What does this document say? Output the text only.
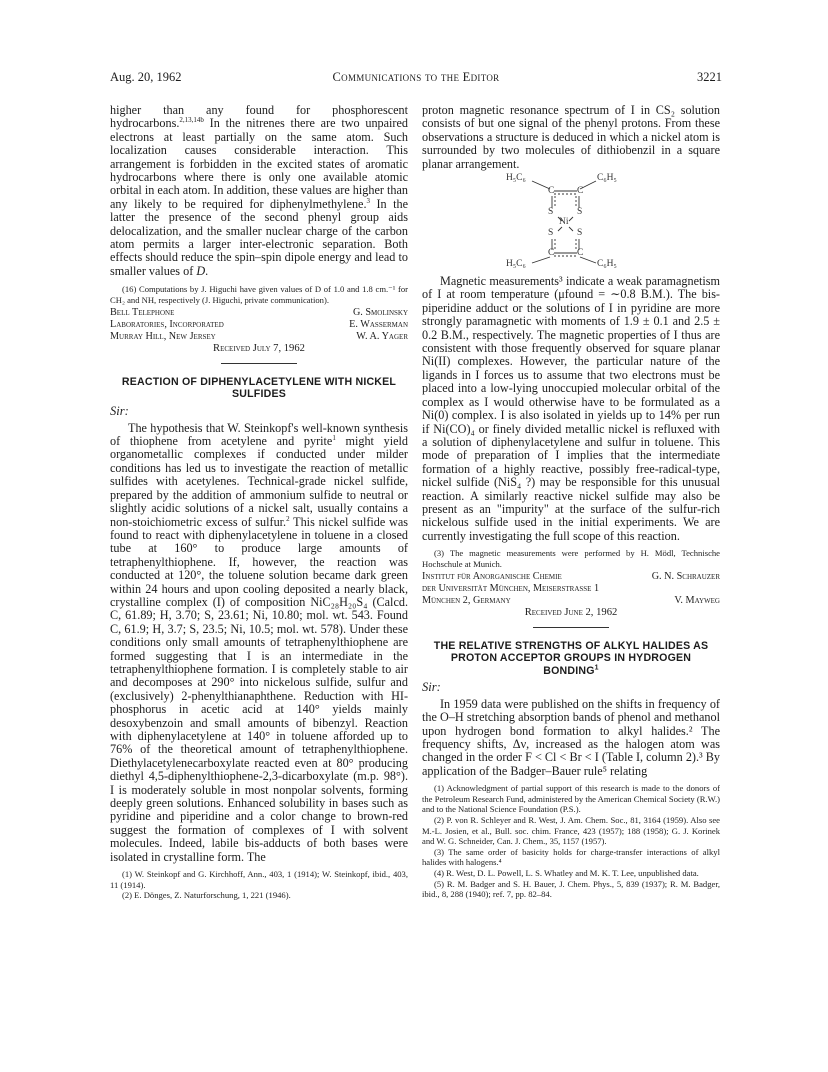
Aug. 20, 1962	Communications to the Editor	3221

higher than any found for phosphorescent hydrocarbons.$^{2,13,14b}$ In the nitrenes there are two unpaired electrons at least partially on the same atom. Such localization causes considerable interaction. This arrangement is forbidden in the excited states of aromatic hydrocarbons where there is only one available atomic orbital in each atom. In addition, these values are higher than any likely to be required for diphenylmethylene.$^3$ In the latter the presence of the second phenyl group aids delocalization, and the smaller nuclear charge of the carbon atom permits a larger inter-electronic separation. Both effects should reduce the spin–spin dipole energy and lead to smaller values of D.

(16) Computations by J. Higuchi have given values of D of 1.0 and 1.8 cm.⁻¹ for CH₂ and NH, respectively (J. Higuchi, private communication).

Bell Telephone	G. Smolinsky
Laboratories, Incorporated	E. Wasserman
Murray Hill, New Jersey	W. A. Yager
Received July 7, 1962

REACTION OF DIPHENYLACETYLENE WITH NICKEL SULFIDES

Sir:

The hypothesis that W. Steinkopf's well-known synthesis of thiophene from acetylene and pyrite$^1$ might yield organometallic complexes if conducted under milder conditions has led us to investigate the reaction of metallic sulfides with acetylenes. Technical-grade nickel sulfide, prepared by the addition of ammonium sulfide to neutral or slightly acidic solutions of a nickel salt, usually contains a non-stoichiometric excess of sulfur.$^2$ This nickel sulfide was found to react with diphenylacetylene in toluene in a closed tube at 160° to produce large amounts of tetraphenylthiophene. If, however, the reaction was conducted at 120°, the toluene solution became dark green within 24 hours and upon cooling deposited a nearly black, crystalline complex (I) of composition NiC₂₈H₂₀S₄ (Calcd. C, 61.89; H, 3.70; S, 23.61; Ni, 10.80; mol. wt. 543. Found C, 61.9; H, 3.7; S, 23.5; Ni, 10.5; mol. wt. 578). Under these conditions only small amounts of tetraphenylthiophene are formed suggesting that I is an intermediate in the tetraphenylthiophene formation. I is completely stable to air and decomposes at 290° into nickelous sulfide, sulfur and (exclusively) 2-phenylthianaphthene. Reduction with HI-phosphorus in acetic acid at 140° yields mainly desoxybenzoin and small amounts of bibenzyl. Reaction with diphenylacetylene at 140° in toluene afforded up to 76% of the theoretical amount of tetraphenylthiophene. Diethylacetylenecarboxylate reacted even at 80° producing diethyl 4,5-diphenylthiophene-2,3-dicarboxylate (m.p. 98°). I is moderately soluble in most nonpolar solvents, forming deeply green solutions. Enhanced solubility in bases such as pyridine and piperidine and a color change to brown-red suggest the formation of complexes of I with solvent molecules. Indeed, labile bis-adducts of both bases were isolated in crystalline form. The

(1) W. Steinkopf and G. Kirchhoff, Ann., 403, 1 (1914); W. Steinkopf, ibid., 403, 11 (1914).

(2) E. Dönges, Z. Naturforschung, 1, 221 (1946).

proton magnetic resonance spectrum of I in CS₂ solution consists of but one signal of the phenyl protons. From these observations a structure is deduced in which a nickel atom is surrounded by two molecules of dithiobenzil in a square planar arrangement.

H₅C₆	C₆H₅
C C
S S
Ni
S S
C C
H₅C₆	C₆H₅

Magnetic measurements³ indicate a weak paramagnetism of I at room temperature (μfound = ∼0.8 B.M.). The bis-piperidine adduct or the solutions of I in pyridine are more strongly paramagnetic with moments of 1.9 ± 0.1 and 2.5 ± 0.2 B.M., respectively. The magnetic properties of I thus are consistent with those frequently observed for square planar Ni(II) complexes. However, the particular nature of the ligands in I forces us to assume that two electrons must be placed into a low-lying unoccupied molecular orbital of the complex as I would otherwise have to be formulated as a Ni(0) complex. I is also isolated in yields up to 14% per run if Ni(CO)₄ or finely divided metallic nickel is refluxed with a solution of diphenylacetylene and sulfur in toluene. This mode of preparation of I implies that the intermediate formation of a highly reactive, possibly free-radical-type, nickel sulfide (NiS₄ ?) may be responsible for this unusual reaction. A similarly reactive nickel sulfide may also be present as an "impurity" at the surface of the sulfur-rich nickelous sulfide used in the initial experiments. We are currently investigating the full scope of this reaction.

(3) The magnetic measurements were performed by H. Mödl, Technische Hochschule at Munich.

Institut für Anorganische Chemie	G. N. Schrauzer
der Universität München, Meiserstrasse 1
München 2, Germany	V. Mayweg
Received June 2, 1962

THE RELATIVE STRENGTHS OF ALKYL HALIDES AS PROTON ACCEPTOR GROUPS IN HYDROGEN BONDING$^1$

Sir:

In 1959 data were published on the shifts in frequency of the O–H stretching absorption bands of phenol and methanol upon hydrogen bond formation to alkyl halides.² The frequency shifts, Δν, increased as the halogen atom was changed in the order F < Cl < Br < I (Table I, column 2).³ By application of the Badger–Bauer rule⁵ relating

(1) Acknowledgment of partial support of this research is made to the donors of the Petroleum Research Fund, administered by the American Chemical Society (R.W.) and to the National Science Foundation (P.S.).

(2) P. von R. Schleyer and R. West, J. Am. Chem. Soc., 81, 3164 (1959). Also see M.-L. Josien, et al., Bull. soc. chim. France, 423 (1957); 188 (1958); G. J. Korinek and W. G. Schneider, Can. J. Chem., 35, 1157 (1957).

(3) The same order of basicity holds for charge-transfer interactions of alkyl halides with halogens.⁴

(4) R. West, D. L. Powell, L. S. Whatley and M. K. T. Lee, unpublished data.

(5) R. M. Badger and S. H. Bauer, J. Chem. Phys., 5, 839 (1937); R. M. Badger, ibid., 8, 288 (1940); ref. 7, pp. 82–84.
